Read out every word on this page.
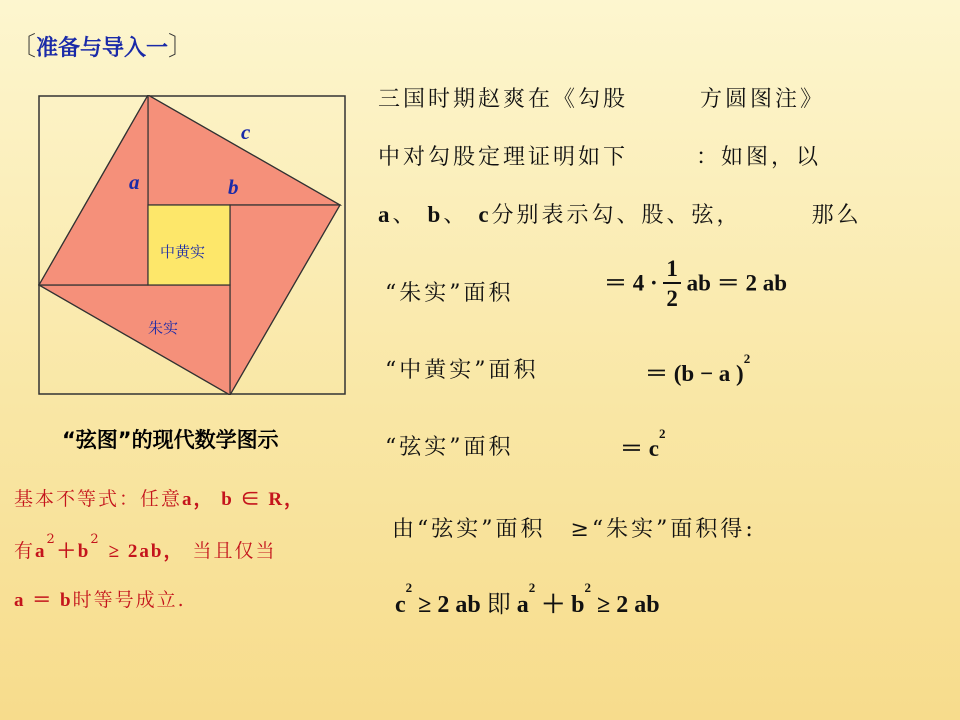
〔准备与导入一〕
c
a	b
中黄实
朱实
“弦图”的现代数学图示
三国时期赵爽在《勾股	方圆图注》
中对勾股定理证明如下	：如图，以
a、 b、 c分别表示勾、股、弦，	那么
“朱实”面积	＝ $4 \cdot \frac{1}{2}$ ab ＝ 2 ab
“中黄实”面积	＝ (b − a )$^2$
“弦实”面积	＝ $c^2$
由“弦实”面积　≥“朱实”面积得:
$c^2 \ge 2$ ab 即 $a^2 + b^2 \ge 2$ ab
基本不等式：任意a， b ∈ R，
有$a^2+b^2 \ge 2ab$， 当且仅当
a ＝ b时等号成立.
